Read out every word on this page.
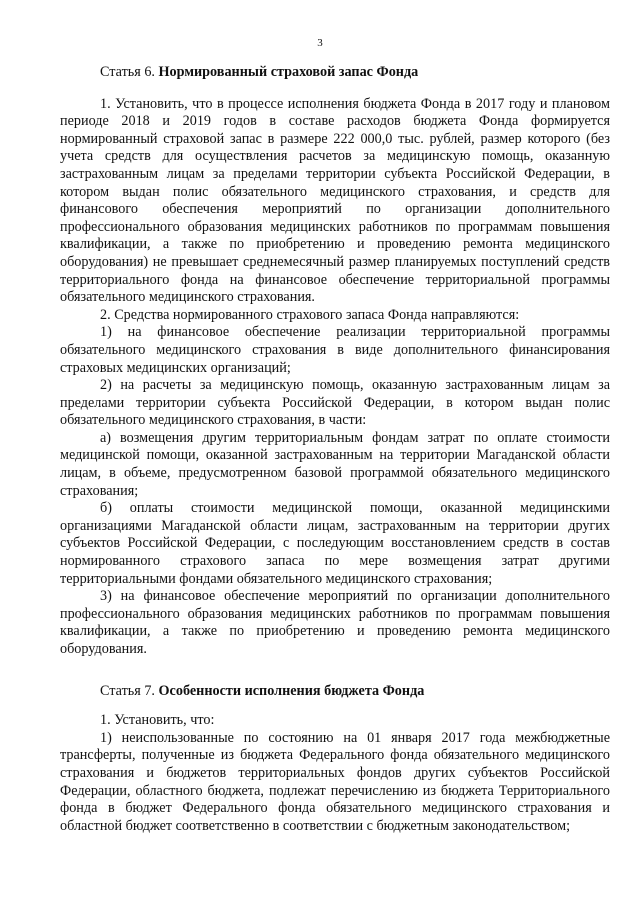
3

Статья 6. Нормированный страховой запас Фонда

1. Установить, что в процессе исполнения бюджета Фонда в 2017 году и плановом периоде 2018 и 2019 годов в составе расходов бюджета Фонда формируется нормированный страховой запас в размере 222 000,0 тыс. рублей, размер которого (без учета средств для осуществления расчетов за медицинскую помощь, оказанную застрахованным лицам за пределами территории субъекта Российской Федерации, в котором выдан полис обязательного медицинского страхования, и средств для финансового обеспечения мероприятий по организации дополнительного профессионального образования медицинских работников по программам повышения квалификации, а также по приобретению и проведению ремонта медицинского оборудования) не превышает среднемесячный размер планируемых поступлений средств территориального фонда на финансовое обеспечение территориальной программы обязательного медицинского страхования.

2. Средства нормированного страхового запаса Фонда направляются:

1) на финансовое обеспечение реализации территориальной программы обязательного медицинского страхования в виде дополнительного финансирования страховых медицинских организаций;

2) на расчеты за медицинскую помощь, оказанную застрахованным лицам за пределами территории субъекта Российской Федерации, в котором выдан полис обязательного медицинского страхования, в части:

а) возмещения другим территориальным фондам затрат по оплате стоимости медицинской помощи, оказанной застрахованным на территории Магаданской области лицам, в объеме, предусмотренном базовой программой обязательного медицинского страхования;

б) оплаты стоимости медицинской помощи, оказанной медицинскими организациями Магаданской области лицам, застрахованным на территории других субъектов Российской Федерации, с последующим восстановлением средств в состав нормированного страхового запаса по мере возмещения затрат другими территориальными фондами обязательного медицинского страхования;

3) на финансовое обеспечение мероприятий по организации дополнительного профессионального образования медицинских работников по программам повышения квалификации, а также по приобретению и проведению ремонта медицинского оборудования.

Статья 7. Особенности исполнения бюджета Фонда

1. Установить, что:

1) неиспользованные по состоянию на 01 января 2017 года межбюджетные трансферты, полученные из бюджета Федерального фонда обязательного медицинского страхования и бюджетов территориальных фондов других субъектов Российской Федерации, областного бюджета, подлежат перечислению из бюджета Территориального фонда в бюджет Федерального фонда обязательного медицинского страхования и областной бюджет соответственно в соответствии с бюджетным законодательством;
